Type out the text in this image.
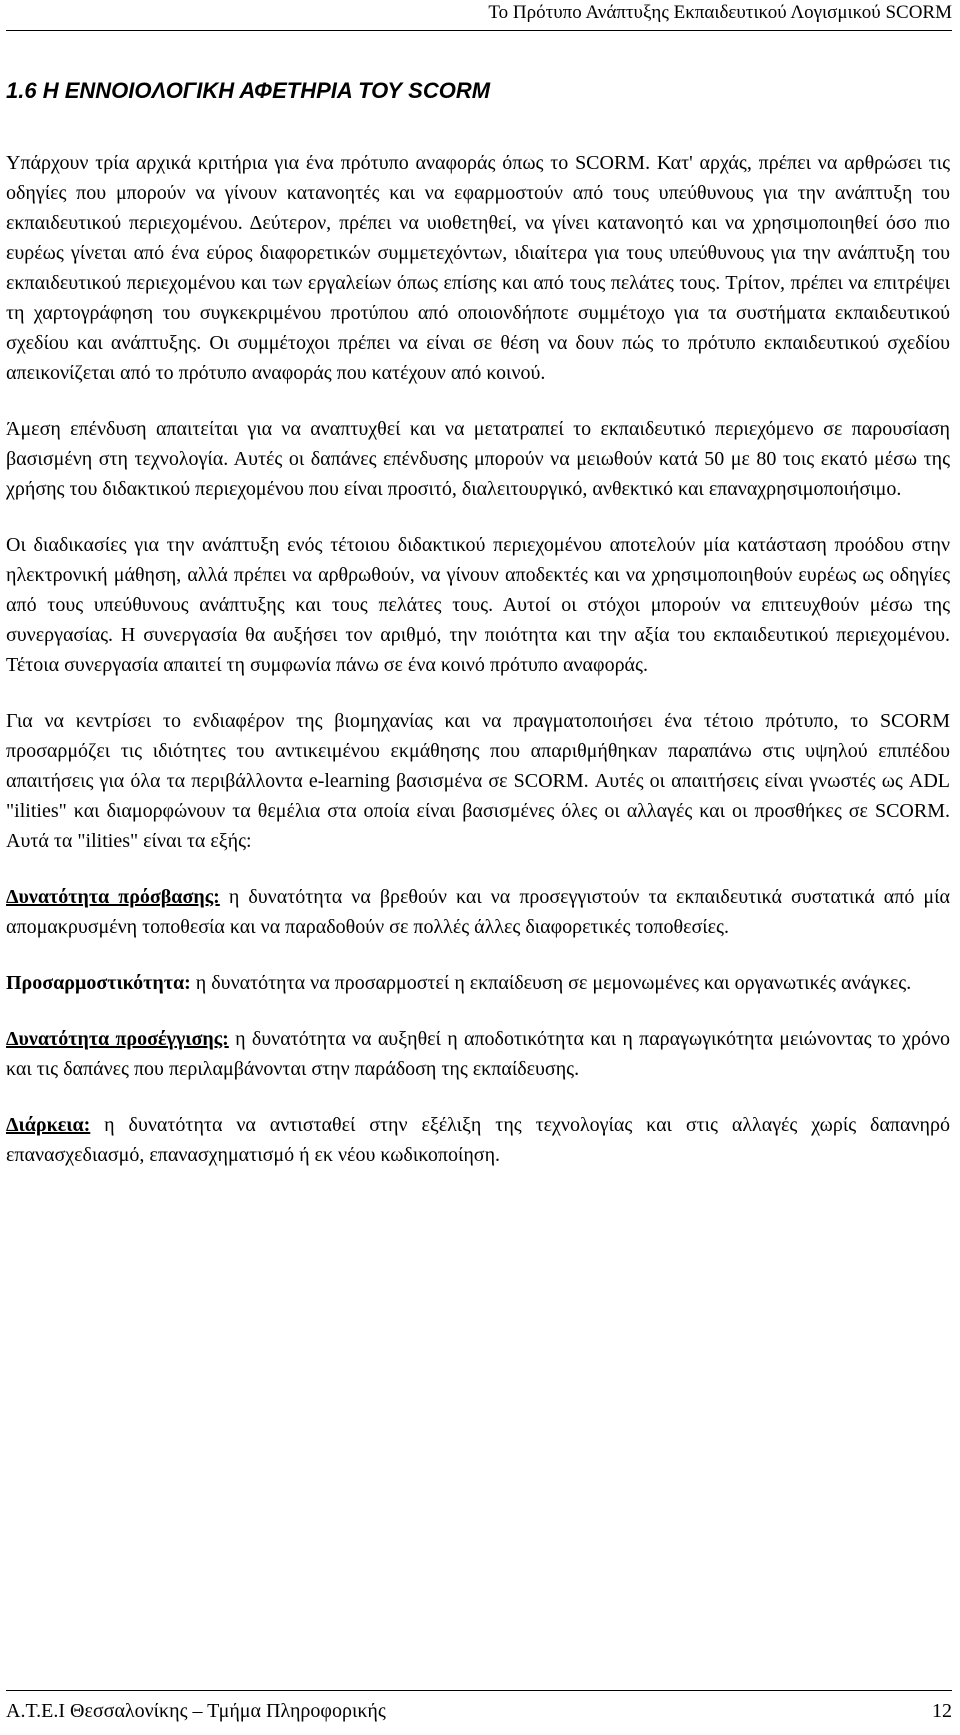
Το Πρότυπο Ανάπτυξης Εκπαιδευτικού Λογισμικού SCORM
1.6 Η ΕΝΝΟΙΟΛΟΓΙΚΗ ΑΦΕΤΗΡΙΑ ΤΟΥ SCORM

Υπάρχουν τρία αρχικά κριτήρια για ένα πρότυπο αναφοράς όπως το SCORM. Κατ' αρχάς, πρέπει να αρθρώσει τις οδηγίες που μπορούν να γίνουν κατανοητές και να εφαρμοστούν από τους υπεύθυνους για την ανάπτυξη του εκπαιδευτικού περιεχομένου. Δεύτερον, πρέπει να υιοθετηθεί, να γίνει κατανοητό και να χρησιμοποιηθεί όσο πιο ευρέως γίνεται από ένα εύρος διαφορετικών συμμετεχόντων, ιδιαίτερα για τους υπεύθυνους για την ανάπτυξη του εκπαιδευτικού περιεχομένου και των εργαλείων όπως επίσης και από τους πελάτες τους. Τρίτον, πρέπει να επιτρέψει τη χαρτογράφηση του συγκεκριμένου προτύπου από οποιονδήποτε συμμέτοχο για τα συστήματα εκπαιδευτικού σχεδίου και ανάπτυξης. Οι συμμέτοχοι πρέπει να είναι σε θέση να δουν πώς το πρότυπο εκπαιδευτικού σχεδίου απεικονίζεται από το πρότυπο αναφοράς που κατέχουν από κοινού.

Άμεση επένδυση απαιτείται για να αναπτυχθεί και να μετατραπεί το εκπαιδευτικό περιεχόμενο σε παρουσίαση βασισμένη στη τεχνολογία. Αυτές οι δαπάνες επένδυσης μπορούν να μειωθούν κατά 50 με 80 τοις εκατό μέσω της χρήσης του διδακτικού περιεχομένου που είναι προσιτό, διαλειτουργικό, ανθεκτικό και επαναχρησιμοποιήσιμο.

Οι διαδικασίες για την ανάπτυξη ενός τέτοιου διδακτικού περιεχομένου αποτελούν μία κατάσταση προόδου στην ηλεκτρονική μάθηση, αλλά πρέπει να αρθρωθούν, να γίνουν αποδεκτές και να χρησιμοποιηθούν ευρέως ως οδηγίες από τους υπεύθυνους ανάπτυξης και τους πελάτες τους. Αυτοί οι στόχοι μπορούν να επιτευχθούν μέσω της συνεργασίας. Η συνεργασία θα αυξήσει τον αριθμό, την ποιότητα και την αξία του εκπαιδευτικού περιεχομένου. Τέτοια συνεργασία απαιτεί τη συμφωνία πάνω σε ένα κοινό πρότυπο αναφοράς.

Για να κεντρίσει το ενδιαφέρον της βιομηχανίας και να πραγματοποιήσει ένα τέτοιο πρότυπο, το SCORM προσαρμόζει τις ιδιότητες του αντικειμένου εκμάθησης που απαριθμήθηκαν παραπάνω στις υψηλού επιπέδου απαιτήσεις για όλα τα περιβάλλοντα e-learning βασισμένα σε SCORM. Αυτές οι απαιτήσεις είναι γνωστές ως ADL "ilities" και διαμορφώνουν τα θεμέλια στα οποία είναι βασισμένες όλες οι αλλαγές και οι προσθήκες σε SCORM. Αυτά τα "ilities" είναι τα εξής:

Δυνατότητα πρόσβασης: η δυνατότητα να βρεθούν και να προσεγγιστούν τα εκπαιδευτικά συστατικά από μία απομακρυσμένη τοποθεσία και να παραδοθούν σε πολλές άλλες διαφορετικές τοποθεσίες.

Προσαρμοστικότητα: η δυνατότητα να προσαρμοστεί η εκπαίδευση σε μεμονωμένες και οργανωτικές ανάγκες.

Δυνατότητα προσέγγισης: η δυνατότητα να αυξηθεί η αποδοτικότητα και η παραγωγικότητα μειώνοντας το χρόνο και τις δαπάνες που περιλαμβάνονται στην παράδοση της εκπαίδευσης.

Διάρκεια: η δυνατότητα να αντισταθεί στην εξέλιξη της τεχνολογίας και στις αλλαγές χωρίς δαπανηρό επανασχεδιασμό, επανασχηματισμό ή εκ νέου κωδικοποίηση.

Α.Τ.Ε.Ι Θεσσαλονίκης – Τμήμα Πληροφορικής	12
